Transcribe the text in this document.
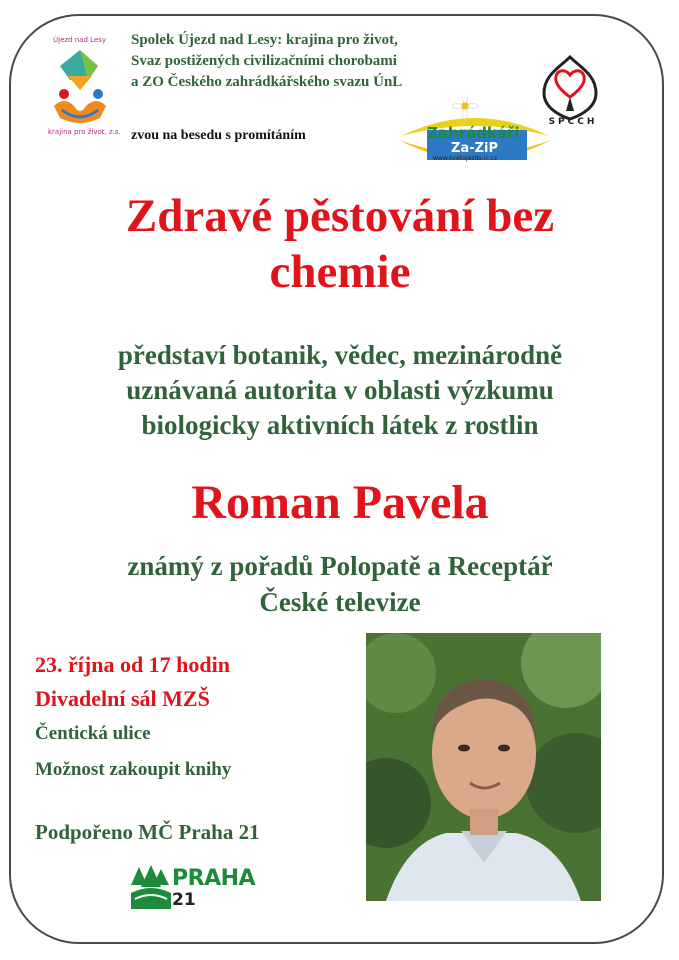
Újezd nad Lesy
krajina pro život, z.s.
Spolek Újezd nad Lesy: krajina pro život,
Svaz postižených civilizačními chorobami
a ZO Českého zahrádkářského svazu ÚnL
zvou na besedu s promítáním
SPCCH
Zahrádkáři
Za-ZiP
www.kvetujezda.ic.cz
Zdravé pěstování bez
chemie
představí botanik, vědec, mezinárodně
uznávaná autorita v oblasti výzkumu
biologicky aktivních látek z rostlin
Roman Pavela
známý z pořadů Polopatě a Receptář
České televize
23. října od 17 hodin
Divadelní sál MZŠ
Čentická ulice
Možnost zakoupit knihy
Podpořeno MČ Praha 21
PRAHA
21
